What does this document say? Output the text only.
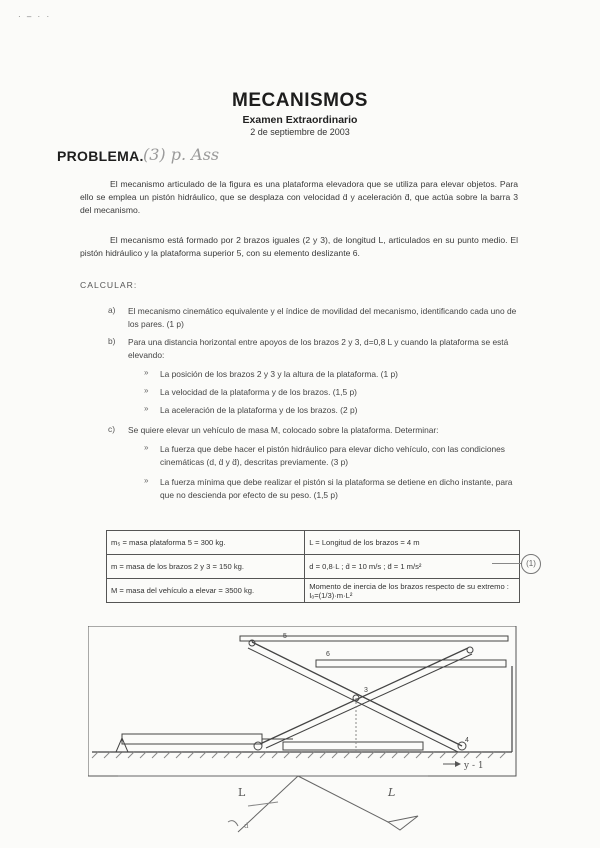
· – · ·
MECANISMOS
Examen Extraordinario
2 de septiembre de 2003
PROBLEMA. (3) p. Ass
El mecanismo articulado de la figura es una plataforma elevadora que se utiliza para elevar objetos. Para ello se emplea un pistón hidráulico, que se desplaza con velocidad ḋ y aceleración d̈, que actúa sobre la barra 3 del mecanismo.
El mecanismo está formado por 2 brazos iguales (2 y 3), de longitud L, articulados en su punto medio. El pistón hidráulico y la plataforma superior 5, con su elemento deslizante 6.
CALCULAR:
a) El mecanismo cinemático equivalente y el índice de movilidad del mecanismo, identificando cada uno de los pares. (1 p)
b) Para una distancia horizontal entre apoyos de los brazos 2 y 3, d=0,8 L y cuando la plataforma se está elevando:
» La posición de los brazos 2 y 3 y la altura de la plataforma. (1 p)
» La velocidad de la plataforma y de los brazos. (1,5 p)
» La aceleración de la plataforma y de los brazos. (2 p)
c) Se quiere elevar un vehículo de masa M, colocado sobre la plataforma. Determinar:
» La fuerza que debe hacer el pistón hidráulico para elevar dicho vehículo, con las condiciones cinemáticas (d, ḋ y d̈), descritas previamente. (3 p)
» La fuerza mínima que debe realizar el pistón si la plataforma se detiene en dicho instante, para que no descienda por efecto de su peso. (1,5 p)
m₅ = masa plataforma 5 = 300 kg.	L = Longitud de los brazos = 4 m
m = masa de los brazos 2 y 3 = 150 kg.	d = 0,8·L ; ḋ = 10 m/s ; d̈ = 1 m/s²
M = masa del vehículo a elevar = 3500 kg.	Momento de inercia de los brazos respecto de su extremo : Iₒ=(1/3)·m·L²
(1)
5
6
4
3
L	L
y - 1
d
